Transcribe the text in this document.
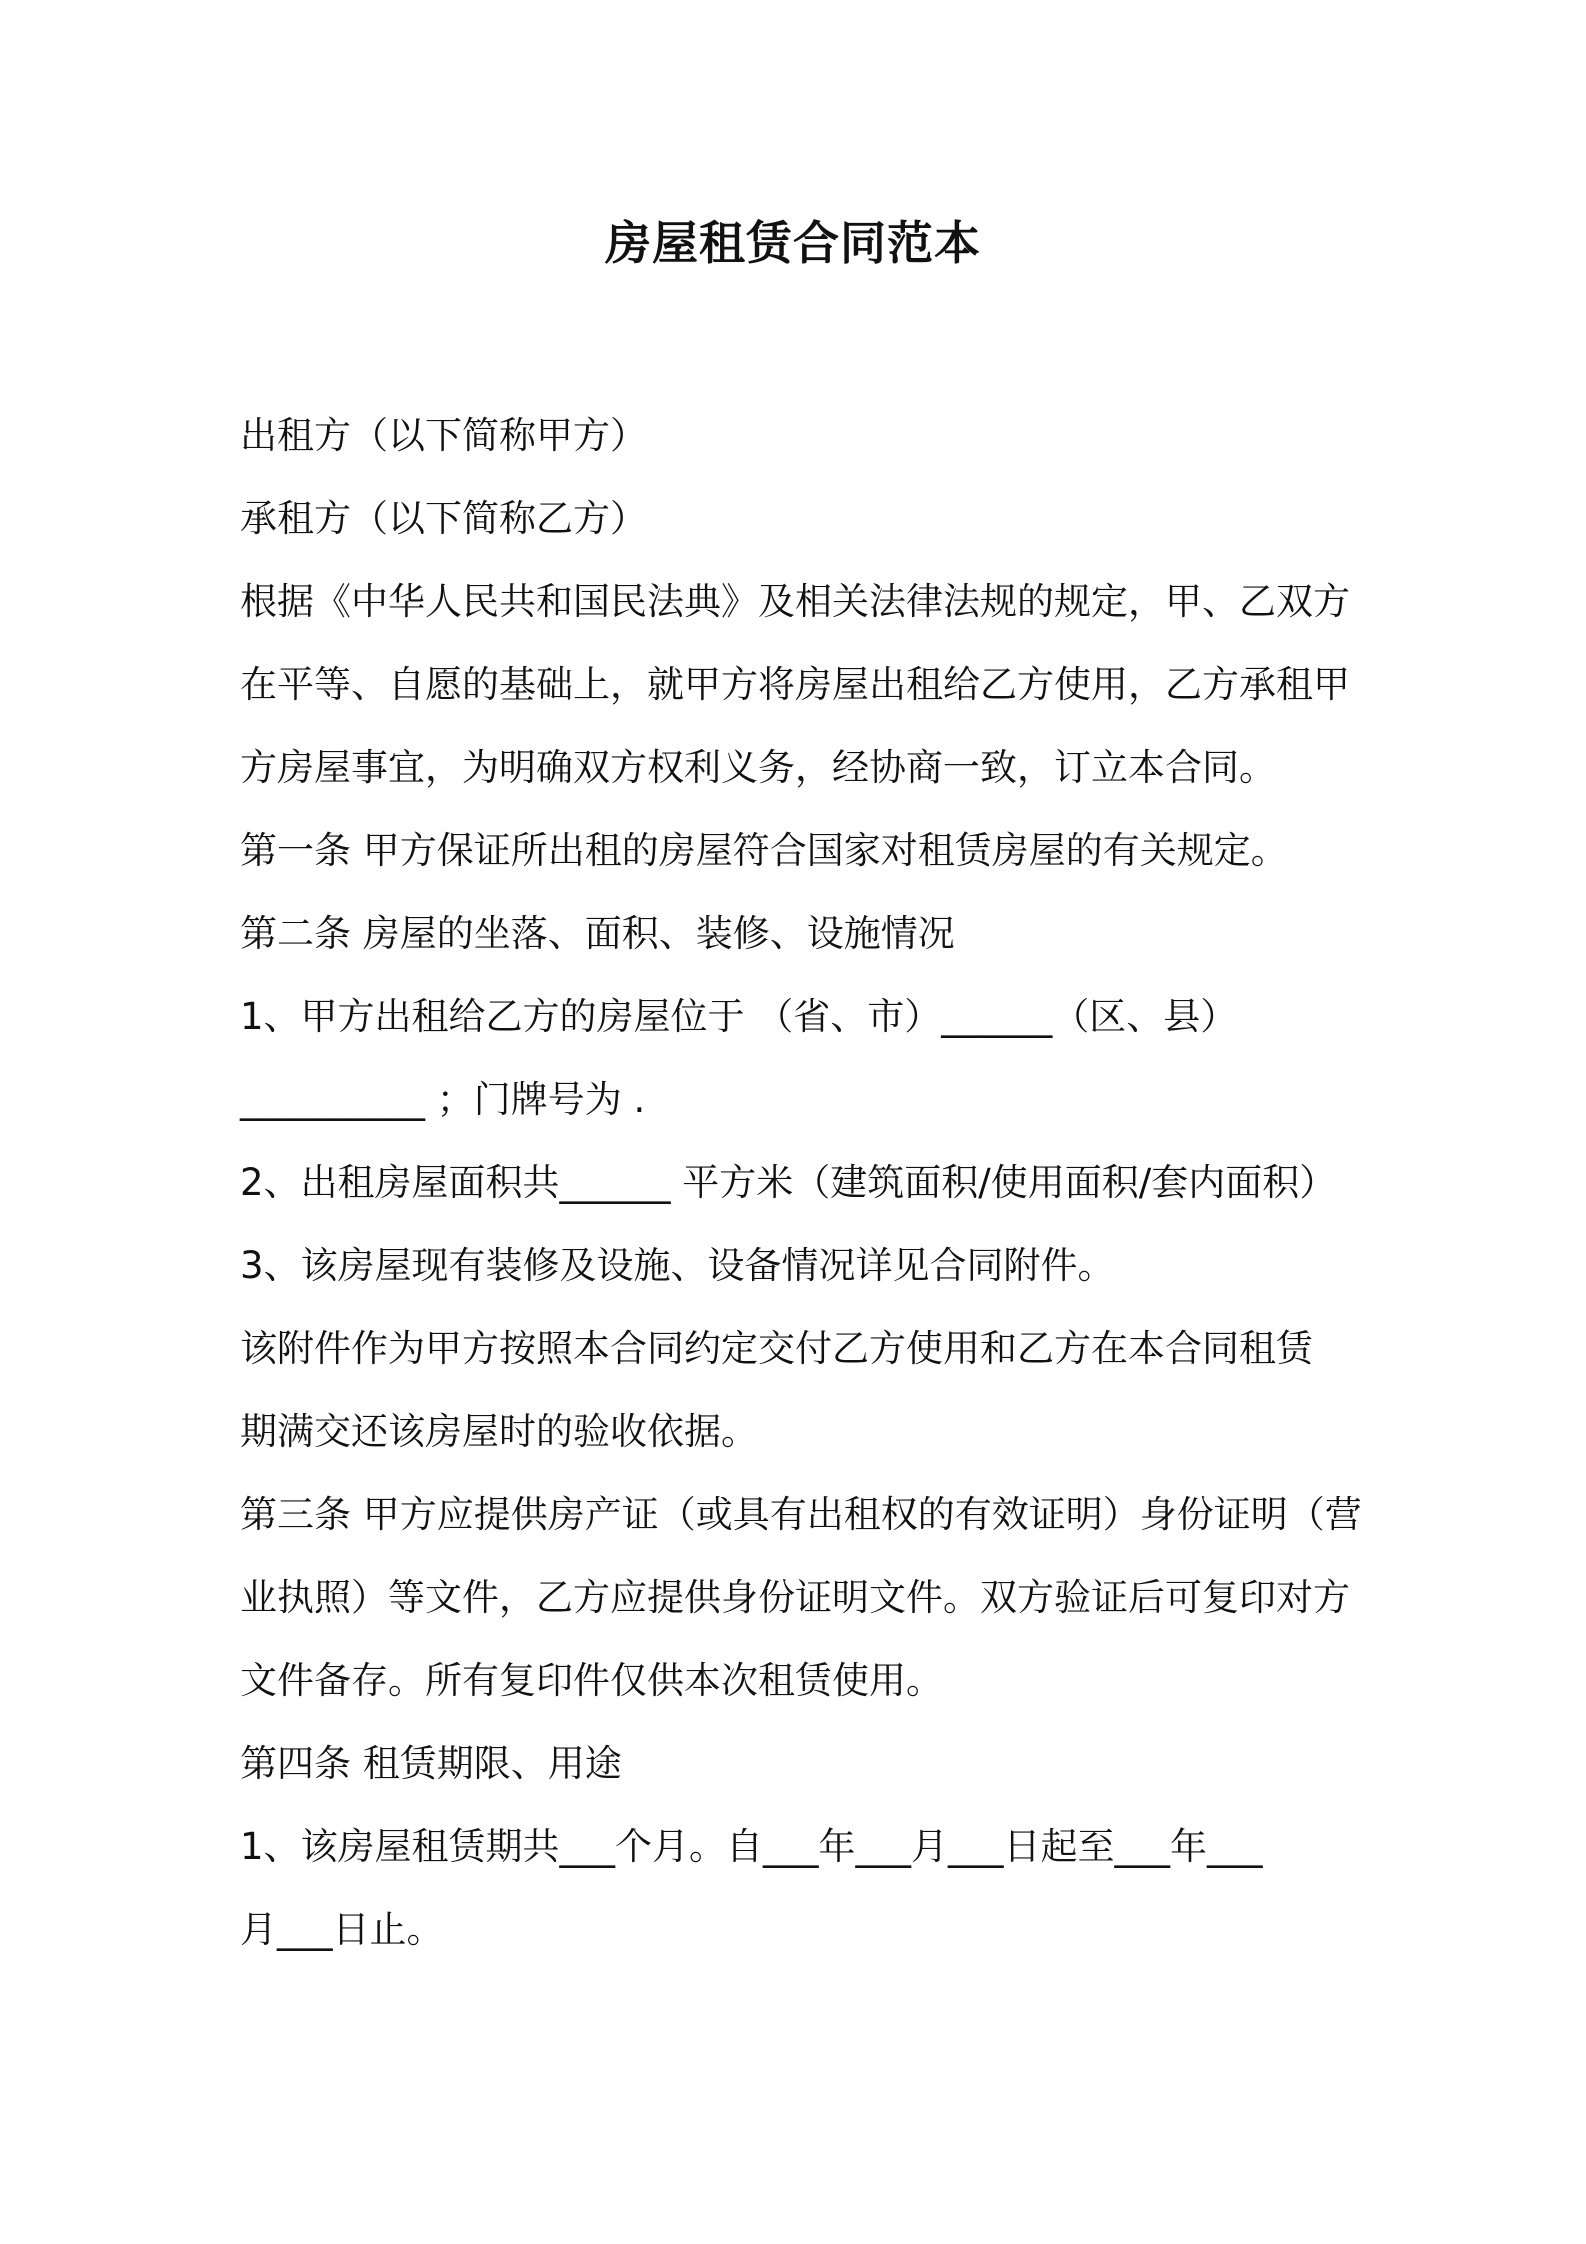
房屋租赁合同范本

出租方（以下简称甲方）

承租方（以下简称乙方）

根据《中华人民共和国民法典》及相关法律法规的规定，甲、乙双方

在平等、自愿的基础上，就甲方将房屋出租给乙方使用，乙方承租甲

方房屋事宜，为明确双方权利义务，经协商一致，订立本合同。

第一条 甲方保证所出租的房屋符合国家对租赁房屋的有关规定。

第二条 房屋的坐落、面积、装修、设施情况

1、甲方出租给乙方的房屋位于 （省、市）______（区、县）

__________ ；门牌号为 .

2、出租房屋面积共______ 平方米（建筑面积/使用面积/套内面积）

3、该房屋现有装修及设施、设备情况详见合同附件。

该附件作为甲方按照本合同约定交付乙方使用和乙方在本合同租赁

期满交还该房屋时的验收依据。

第三条 甲方应提供房产证（或具有出租权的有效证明）身份证明（营

业执照）等文件，乙方应提供身份证明文件。双方验证后可复印对方

文件备存。所有复印件仅供本次租赁使用。

第四条 租赁期限、用途

1、该房屋租赁期共___个月。自___年___月___日起至___年___

月___日止。
